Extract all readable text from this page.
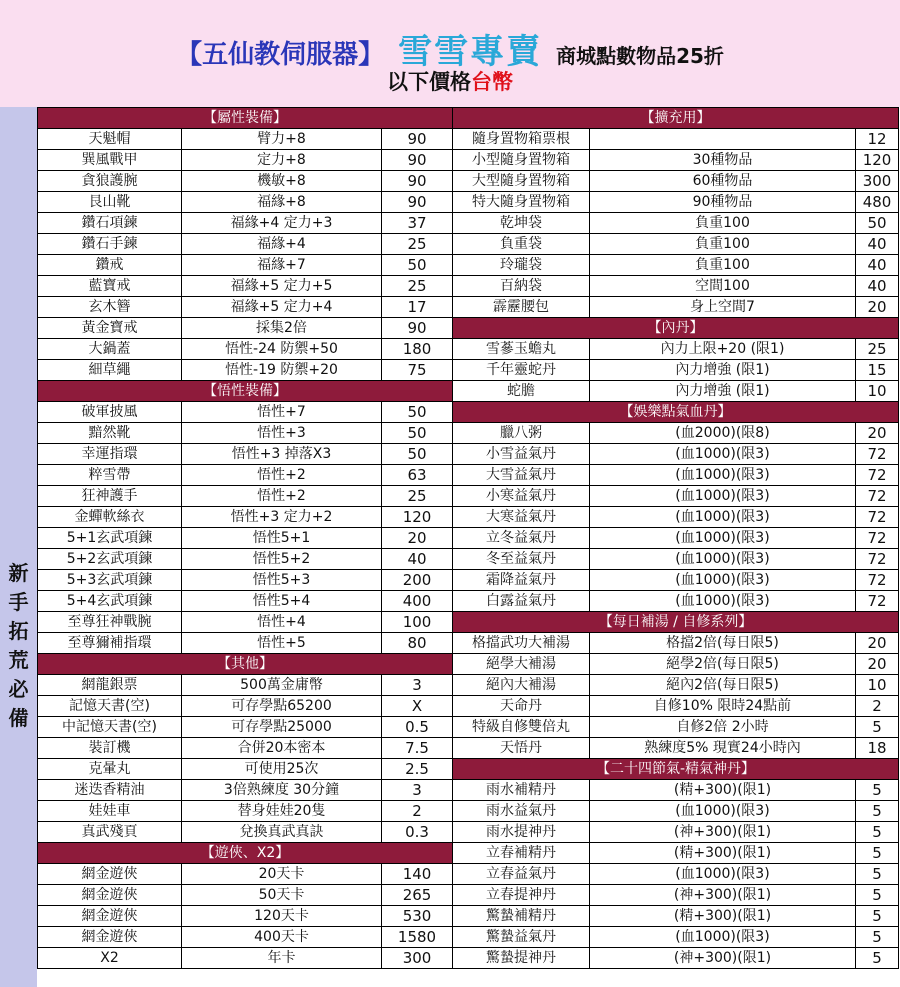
【五仙教伺服器】 雪雪專賣 商城點數物品25折
以下價格台幣
新
手
拓
荒
必
備
【屬性裝備】		
天魁帽	臂力+8	90
巽風戰甲	定力+8	90
貪狼護腕	機敏+8	90
艮山靴	福緣+8	90
鑽石項鍊	福緣+4 定力+3	37
鑽石手鍊	福緣+4	25
鑽戒	福緣+7	50
藍寶戒	福緣+5 定力+5	25
玄木簪	福緣+5 定力+4	17
黃金寶戒	採集2倍	90
大鍋蓋	悟性-24 防禦+50	180
細草繩	悟性-19 防禦+20	75
【悟性裝備】		
破軍披風	悟性+7	50
黯然靴	悟性+3	50
幸運指環	悟性+3 掉落X3	50
粹雪帶	悟性+2	63
狂神護手	悟性+2	25
金蟬軟絲衣	悟性+3 定力+2	120
5+1玄武項鍊	悟性5+1	20
5+2玄武項鍊	悟性5+2	40
5+3玄武項鍊	悟性5+3	200
5+4玄武項鍊	悟性5+4	400
至尊狂神戰腕	悟性+4	100
至尊獮補指環	悟性+5	80
【其他】		
網龍銀票	500萬金庸幣	3
記憶天書(空)	可存學點65200	X
中記憶天書(空)	可存學點25000	0.5
裝訂機	合併20本密本	7.5
克暈丸	可使用25次	2.5
迷迭香精油	3倍熟練度 30分鐘	3
娃娃車	替身娃娃20隻	2
真武殘頁	兌換真武真訣	0.3
【遊俠、X2】		
網金遊俠	20天卡	140
網金遊俠	50天卡	265
網金遊俠	120天卡	530
網金遊俠	400天卡	1580
X2	年卡	300
【擴充用】		
隨身置物箱票根		12
小型隨身置物箱	30種物品	120
大型隨身置物箱	60種物品	300
特大隨身置物箱	90種物品	480
乾坤袋	負重100	50
負重袋	負重100	40
玲瓏袋	負重100	40
百納袋	空間100	40
霹靂腰包	身上空間7	20
【內丹】		
雪蔘玉蟾丸	內力上限+20 (限1)	25
千年靈蛇丹	內力增強 (限1)	15
蛇膽	內力增強 (限1)	10
【娛樂點氣血丹】		
臘八粥	(血2000)(限8)	20
小雪益氣丹	(血1000)(限3)	72
大雪益氣丹	(血1000)(限3)	72
小寒益氣丹	(血1000)(限3)	72
大寒益氣丹	(血1000)(限3)	72
立冬益氣丹	(血1000)(限3)	72
冬至益氣丹	(血1000)(限3)	72
霜降益氣丹	(血1000)(限3)	72
白露益氣丹	(血1000)(限3)	72
【每日補湯 / 自修系列】		
格擋武功大補湯	格擋2倍(每日限5)	20
絕學大補湯	絕學2倍(每日限5)	20
絕內大補湯	絕內2倍(每日限5)	10
天命丹	自修10% 限時24點前	2
特級自修雙倍丸	自修2倍 2小時	5
天悟丹	熟練度5% 現實24小時內	18
【二十四節氣-精氣神丹】		
雨水補精丹	(精+300)(限1)	5
雨水益氣丹	(血1000)(限3)	5
雨水提神丹	(神+300)(限1)	5
立春補精丹	(精+300)(限1)	5
立春益氣丹	(血1000)(限3)	5
立春提神丹	(神+300)(限1)	5
驚蟄補精丹	(精+300)(限1)	5
驚蟄益氣丹	(血1000)(限3)	5
驚蟄提神丹	(神+300)(限1)	5
